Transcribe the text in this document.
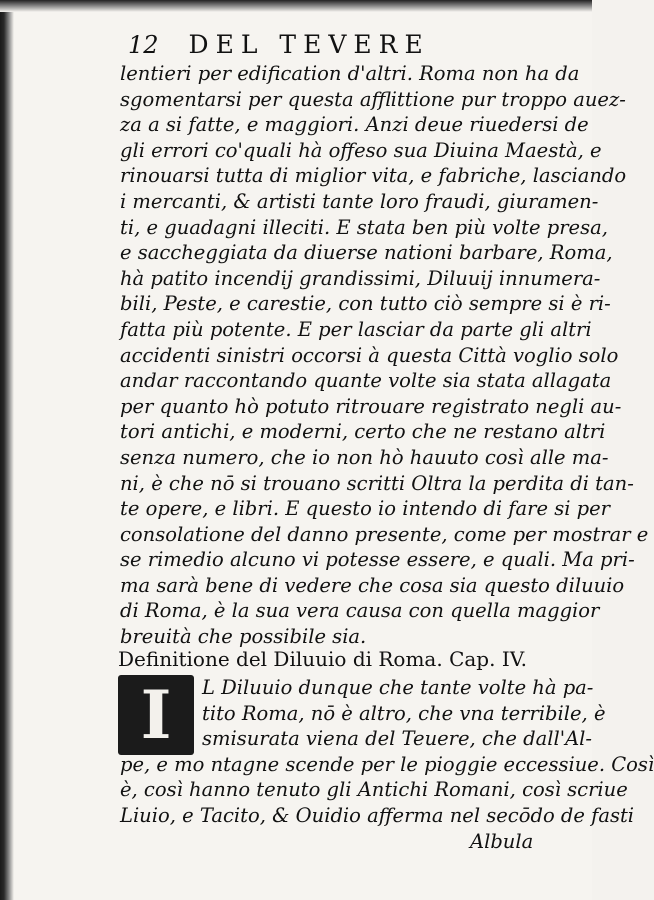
12 DEL TEVERE
lentieri per edification d'altri. Roma non ha da
sgomentarsi per questa afflittione pur troppo auez-
za a si fatte, e maggiori. Anzi deue riuedersi de
gli errori co'quali hà offeso sua Diuina Maestà, e
rinouarsi tutta di miglior vita, e fabriche, lasciando
i mercanti, & artisti tante loro fraudi, giuramen-
ti, e guadagni illeciti. E stata ben più volte presa,
e saccheggiata da diuerse nationi barbare, Roma,
hà patito incendij grandissimi, Diluuij innumera-
bili, Peste, e carestie, con tutto ciò sempre si è ri-
fatta più potente. E per lasciar da parte gli altri
accidenti sinistri occorsi à questa Città voglio solo
andar raccontando quante volte sia stata allagata
per quanto hò potuto ritrouare registrato negli au-
tori antichi, e moderni, certo che ne restano altri
senza numero, che io non hò hauuto così alle ma-
ni, è che nō si trouano scritti Oltra la perdita di tan-
te opere, e libri. E questo io intendo di fare si per
consolatione del danno presente, come per mostrar e
se rimedio alcuno vi potesse essere, e quali. Ma pri-
ma sarà bene di vedere che cosa sia questo diluuio
di Roma, è la sua vera causa con quella maggior
breuità che possibile sia.
Definitione del Diluuio di Roma. Cap. IV.
I	L Diluuio dunque che tante volte hà pa-
tito Roma, nō è altro, che vna terribile, è
smisurata viena del Teuere, che dall'Al-
pe, e mo ntagne scende per le pioggie eccessiue. Così
è, così hanno tenuto gli Antichi Romani, così scriue
Liuio, e Tacito, & Ouidio afferma nel secōdo de fasti
Albula
